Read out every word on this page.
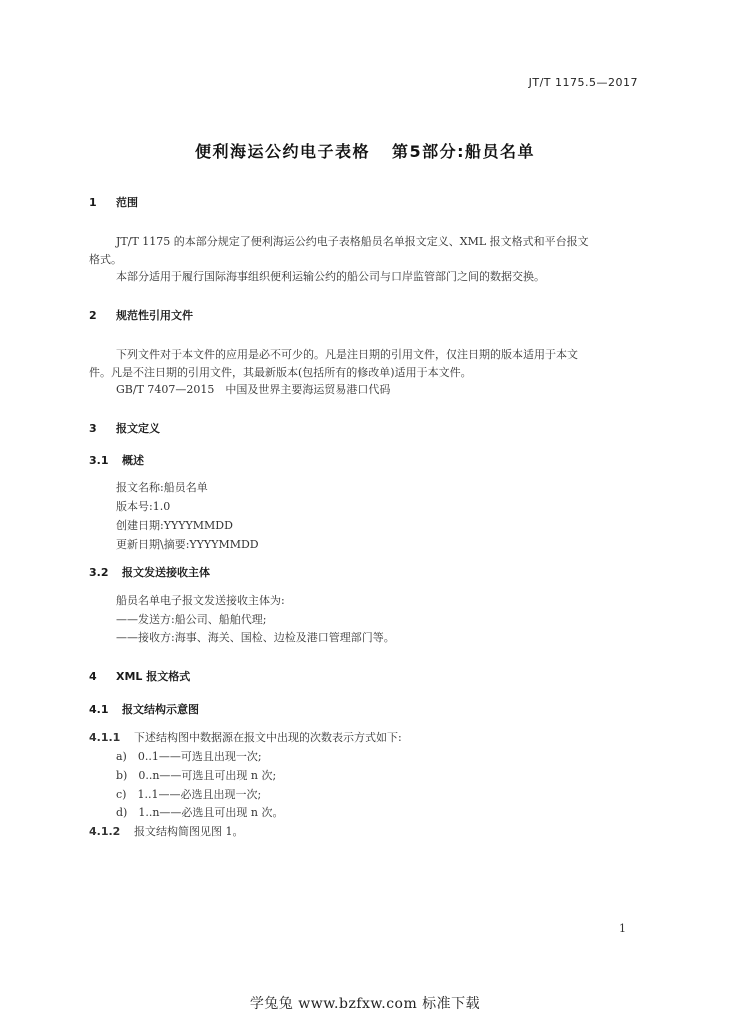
JT/T 1175.5—2017
便利海运公约电子表格 第5部分:船员名单
1 范围
JT/T 1175 的本部分规定了便利海运公约电子表格船员名单报文定义、XML 报文格式和平台报文
格式。
本部分适用于履行国际海事组织便利运输公约的船公司与口岸监管部门之间的数据交换。
2 规范性引用文件
下列文件对于本文件的应用是必不可少的。凡是注日期的引用文件，仅注日期的版本适用于本文
件。凡是不注日期的引用文件，其最新版本(包括所有的修改单)适用于本文件。
GB/T 7407—2015　中国及世界主要海运贸易港口代码
3 报文定义
3.1 概述
报文名称:船员名单
版本号:1.0
创建日期:YYYYMMDD
更新日期\摘要:YYYYMMDD
3.2 报文发送接收主体
船员名单电子报文发送接收主体为:
——发送方:船公司、船舶代理;
——接收方:海事、海关、国检、边检及港口管理部门等。
4 XML 报文格式
4.1 报文结构示意图
4.1.1 下述结构图中数据源在报文中出现的次数表示方式如下:
a)　0..1——可选且出现一次;
b)　0..n——可选且可出现 n 次;
c)　1..1——必选且出现一次;
d)　1..n——必选且可出现 n 次。
4.1.2 报文结构简图见图 1。
1
学兔兔 www.bzfxw.com 标准下载
